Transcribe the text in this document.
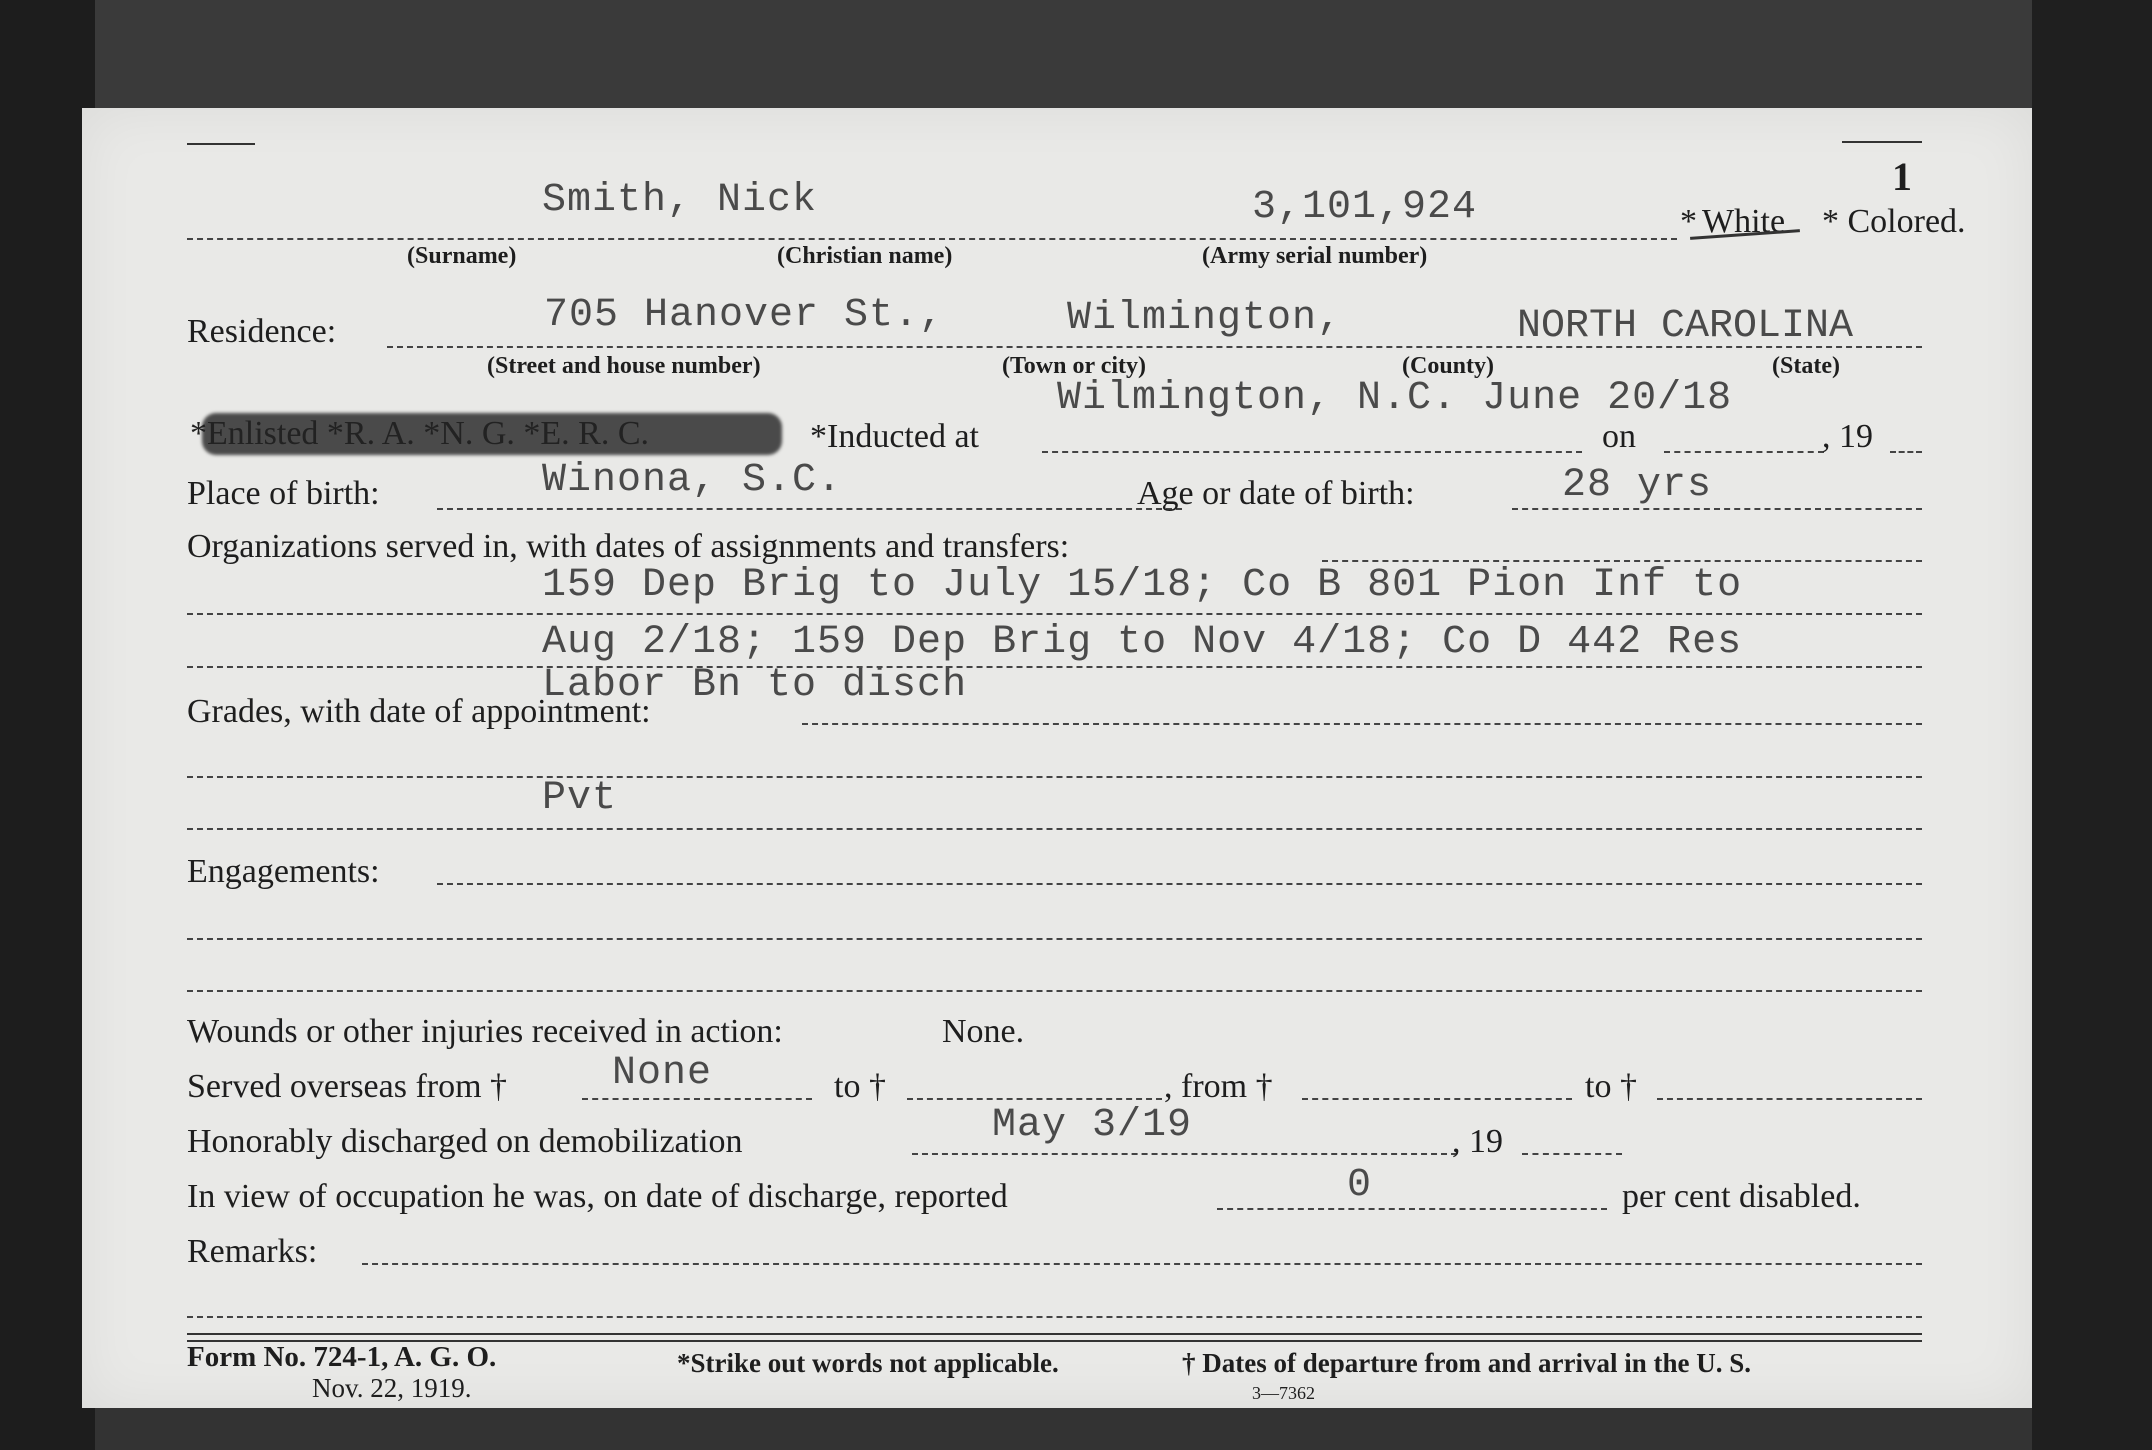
1
Smith, Nick	3,101,924	* White * Colored.
(Surname)	(Christian name)	(Army serial number)
Residence:	705 Hanover St.,	Wilmington,	NORTH CAROLINA
(Street and house number)	(Town or city)	(County)	(State)
Wilmington, N.C. June 20/18
*Enlisted *R. A. *N. G. *E. R. C.	*Inducted at	on	, 19
Place of birth:	Winona, S.C.	Age or date of birth:	28 yrs
Organizations served in, with dates of assignments and transfers:
159 Dep Brig to July 15/18; Co B 801 Pion Inf to
Aug 2/18; 159 Dep Brig to Nov 4/18; Co D 442 Res
Labor Bn to disch
Grades, with date of appointment:
Pvt
Engagements:
Wounds or other injuries received in action:	None.
Served overseas from †	None	to †	, from †	to †
Honorably discharged on demobilization	May 3/19	, 19
In view of occupation he was, on date of discharge, reported	0	per cent disabled.
Remarks:
Form No. 724-1, A. G. O.
Nov. 22, 1919.
*Strike out words not applicable.	† Dates of departure from and arrival in the U. S.
3—7362
